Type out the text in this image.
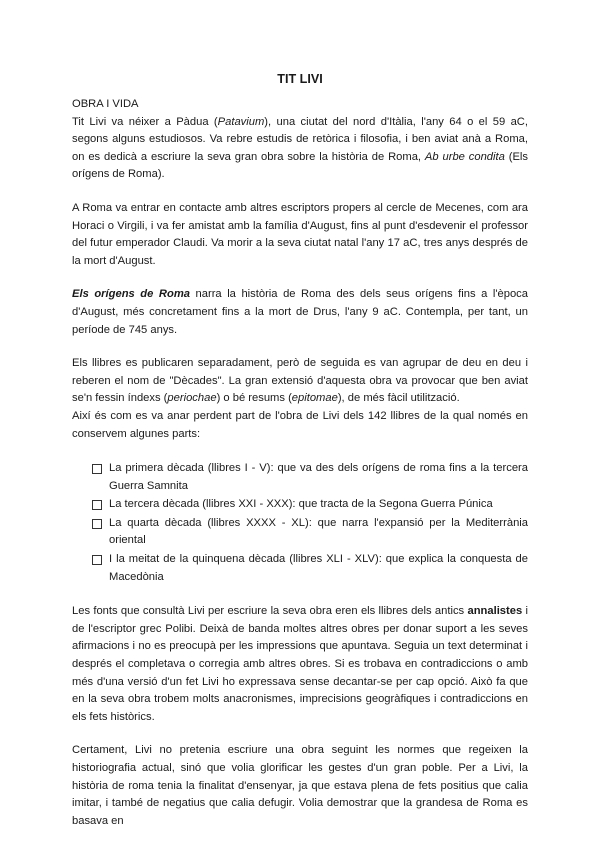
TIT LIVI
OBRA I VIDA

Tit Livi va néixer a Pàdua (Patavium), una ciutat del nord d'Itàlia, l'any 64 o el 59 aC, segons alguns estudiosos. Va rebre estudis de retòrica i filosofia, i ben aviat anà a Roma, on es dedicà a escriure la seva gran obra sobre la història de Roma, Ab urbe condita (Els orígens de Roma).

A Roma va entrar en contacte amb altres escriptors propers al cercle de Mecenes, com ara Horaci o Virgili, i va fer amistat amb la família d'August, fins al punt d'esdevenir el professor del futur emperador Claudi. Va morir a la seva ciutat natal l'any 17 aC, tres anys després de la mort d'August.

Els orígens de Roma narra la història de Roma des dels seus orígens fins a l'època d'August, més concretament fins a la mort de Drus, l'any 9 aC. Contempla, per tant, un període de 745 anys.

Els llibres es publicaren separadament, però de seguida es van agrupar de deu en deu i reberen el nom de "Dècades". La gran extensió d'aquesta obra va provocar que ben aviat se'n fessin índexs (periochae) o bé resums (epitomae), de més fàcil utilització.

Així és com es va anar perdent part de l'obra de Livi dels 142 llibres de la qual només en conservem algunes parts:

La primera dècada (llibres I - V): que va des dels orígens de roma fins a la tercera Guerra Samnita
La tercera dècada (llibres XXI - XXX): que tracta de la Segona Guerra Púnica
La quarta dècada (llibres XXXX - XL): que narra l'expansió per la Mediterrània oriental
I la meitat de la quinquena dècada (llibres XLI - XLV): que explica la conquesta de Macedònia

Les fonts que consultà Livi per escriure la seva obra eren els llibres dels antics annalistes i de l'escriptor grec Polibi. Deixà de banda moltes altres obres per donar suport a les seves afirmacions i no es preocupà per les impressions que apuntava. Seguia un text determinat i després el completava o corregia amb altres obres. Si es trobava en contradiccions o amb més d'una versió d'un fet Livi ho expressava sense decantar-se per cap opció. Això fa que en la seva obra trobem molts anacronismes, imprecisions geogràfiques i contradiccions en els fets històrics.

Certament, Livi no pretenia escriure una obra seguint les normes que regeixen la historiografia actual, sinó que volia glorificar les gestes d'un gran poble. Per a Livi, la història de roma tenia la finalitat d'ensenyar, ja que estava plena de fets positius que calia imitar, i també de negatius que calia defugir. Volia demostrar que la grandesa de Roma es basava en
